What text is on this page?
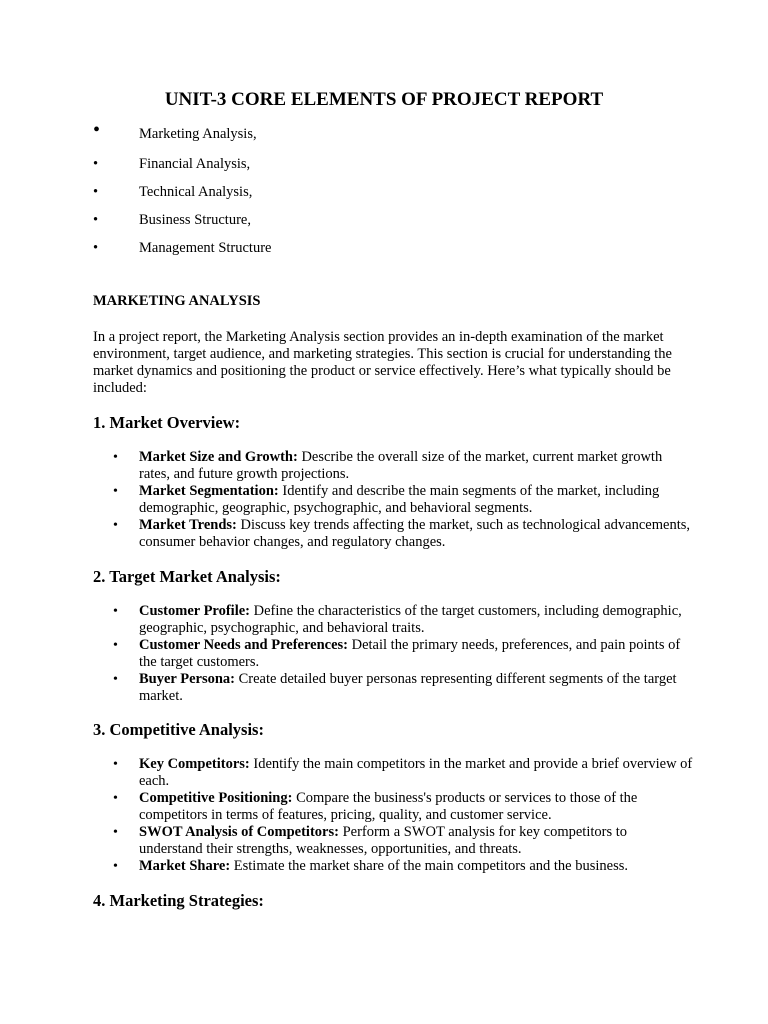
UNIT-3 CORE ELEMENTS OF PROJECT REPORT
•	Marketing Analysis,
•	Financial Analysis,
•	Technical Analysis,
•	Business Structure,
•	Management Structure
MARKETING ANALYSIS

In a project report, the Marketing Analysis section provides an in-depth examination of the market environment, target audience, and marketing strategies. This section is crucial for understanding the market dynamics and positioning the product or service effectively. Here’s what typically should be included:

1. Market Overview:
• Market Size and Growth: Describe the overall size of the market, current market growth rates, and future growth projections.
• Market Segmentation: Identify and describe the main segments of the market, including demographic, geographic, psychographic, and behavioral segments.
• Market Trends: Discuss key trends affecting the market, such as technological advancements, consumer behavior changes, and regulatory changes.
2. Target Market Analysis:
• Customer Profile: Define the characteristics of the target customers, including demographic, geographic, psychographic, and behavioral traits.
• Customer Needs and Preferences: Detail the primary needs, preferences, and pain points of the target customers.
• Buyer Persona: Create detailed buyer personas representing different segments of the target market.
3. Competitive Analysis:
• Key Competitors: Identify the main competitors in the market and provide a brief overview of each.
• Competitive Positioning: Compare the business's products or services to those of the competitors in terms of features, pricing, quality, and customer service.
• SWOT Analysis of Competitors: Perform a SWOT analysis for key competitors to understand their strengths, weaknesses, opportunities, and threats.
• Market Share: Estimate the market share of the main competitors and the business.
4. Marketing Strategies:
